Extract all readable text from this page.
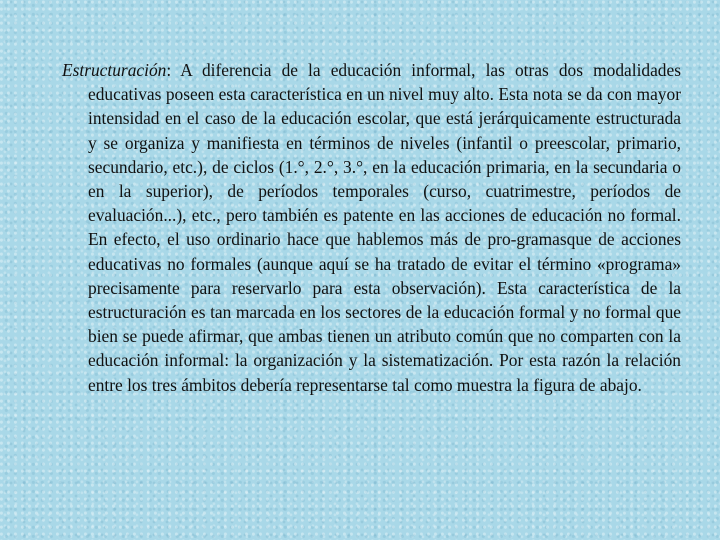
Estructuración: A diferencia de la educación informal, las otras dos modalidades educativas poseen esta característica en un nivel muy alto. Esta nota se da con mayor intensidad en el caso de la educación escolar, que está jerárquicamente estructurada y se organiza y manifiesta en términos de niveles (infantil o preescolar, primario, secundario, etc.), de ciclos (1.°, 2.°, 3.°, en la educación primaria, en la secundaria o en la superior), de períodos temporales (curso, cuatrimestre, períodos de evaluación...), etc., pero también es patente en las acciones de educación no formal. En efecto, el uso ordinario hace que hablemos más de pro-gramasque de acciones educativas no formales (aunque aquí se ha tratado de evitar el término «programa» precisamente para reservarlo para esta observación). Esta característica de la estructuración es tan marcada en los sectores de la educación formal y no formal que bien se puede afirmar, que ambas tienen un atributo común que no comparten con la educación informal: la organización y la sistematización. Por esta razón la relación entre los tres ámbitos debería representarse tal como muestra la figura de abajo.
